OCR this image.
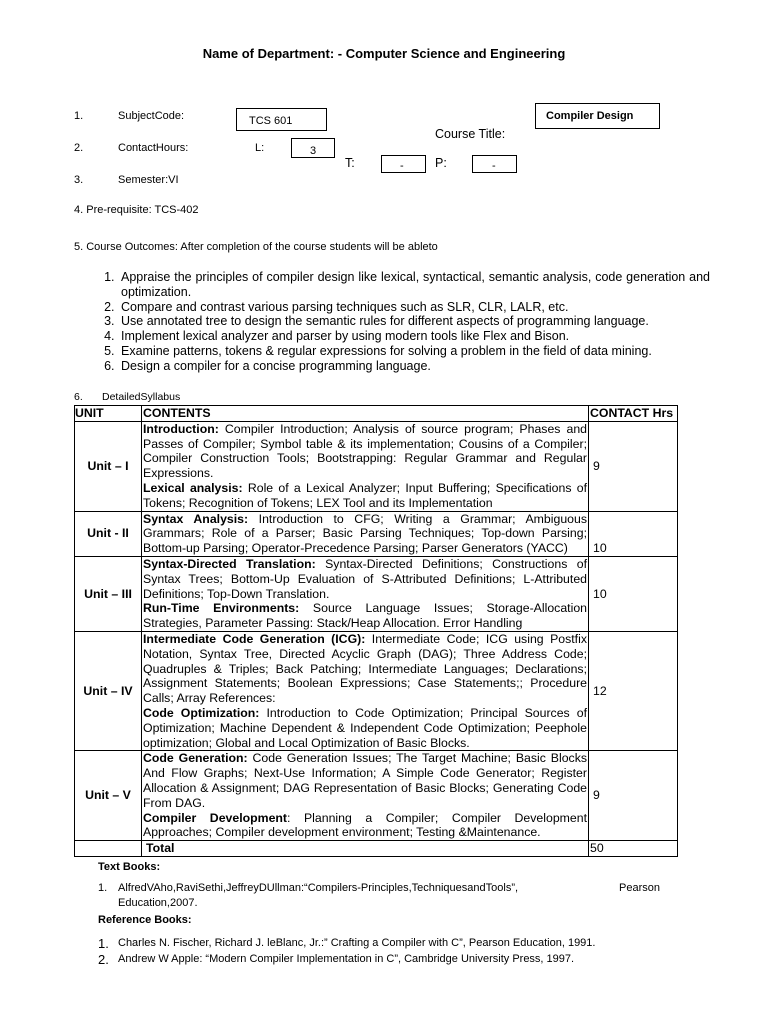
Name of Department: - Computer Science and Engineering
1.	SubjectCode:	TCS 601	Compiler Design
Course Title:
2.	ContactHours:	L:	3
T:	-	P:	-
3.	Semester:VI
4. Pre-requisite: TCS-402
5. Course Outcomes: After completion of the course students will be ableto
1. Appraise the principles of compiler design like lexical, syntactical, semantic analysis, code generation and optimization.
2. Compare and contrast various parsing techniques such as SLR, CLR, LALR, etc.
3. Use annotated tree to design the semantic rules for different aspects of programming language.
4. Implement lexical analyzer and parser by using modern tools like Flex and Bison.
5. Examine patterns, tokens & regular expressions for solving a problem in the field of data mining.
6. Design a compiler for a concise programming language.
6. DetailedSyllabus
UNIT	CONTENTS	CONTACT Hrs
Unit – I	Introduction: Compiler Introduction; Analysis of source program; Phases and Passes of Compiler; Symbol table & its implementation; Cousins of a Compiler; Compiler Construction Tools; Bootstrapping: Regular Grammar and Regular Expressions.
Lexical analysis: Role of a Lexical Analyzer; Input Buffering; Specifications of Tokens; Recognition of Tokens; LEX Tool and its Implementation	9
Unit - II	Syntax Analysis: Introduction to CFG; Writing a Grammar; Ambiguous Grammars; Role of a Parser; Basic Parsing Techniques; Top-down Parsing; Bottom-up Parsing; Operator-Precedence Parsing; Parser Generators (YACC)	10
Unit – III	Syntax-Directed Translation: Syntax-Directed Definitions; Constructions of Syntax Trees; Bottom-Up Evaluation of S-Attributed Definitions; L-Attributed Definitions; Top-Down Translation.
Run-Time Environments: Source Language Issues; Storage-Allocation Strategies, Parameter Passing: Stack/Heap Allocation. Error Handling	10
Unit – IV	Intermediate Code Generation (ICG): Intermediate Code; ICG using Postfix Notation, Syntax Tree, Directed Acyclic Graph (DAG); Three Address Code; Quadruples & Triples; Back Patching; Intermediate Languages; Declarations; Assignment Statements; Boolean Expressions; Case Statements;; Procedure Calls; Array References:
Code Optimization: Introduction to Code Optimization; Principal Sources of Optimization; Machine Dependent & Independent Code Optimization; Peephole optimization; Global and Local Optimization of Basic Blocks.	12
Unit – V	Code Generation: Code Generation Issues; The Target Machine; Basic Blocks And Flow Graphs; Next-Use Information; A Simple Code Generator; Register Allocation & Assignment; DAG Representation of Basic Blocks; Generating Code From DAG.
Compiler Development: Planning a Compiler; Compiler Development Approaches; Compiler development environment; Testing &Maintenance.	9
	Total	50
Text Books:
1. AlfredVAho,RaviSethi,JeffreyDUllman:“Compilers-Principles,TechniquesandTools”,	Pearson
Education,2007.
Reference Books:
1. Charles N. Fischer, Richard J. leBlanc, Jr.:” Crafting a Compiler with C”, Pearson Education, 1991.
2. Andrew W Apple: “Modern Compiler Implementation in C”, Cambridge University Press, 1997.
